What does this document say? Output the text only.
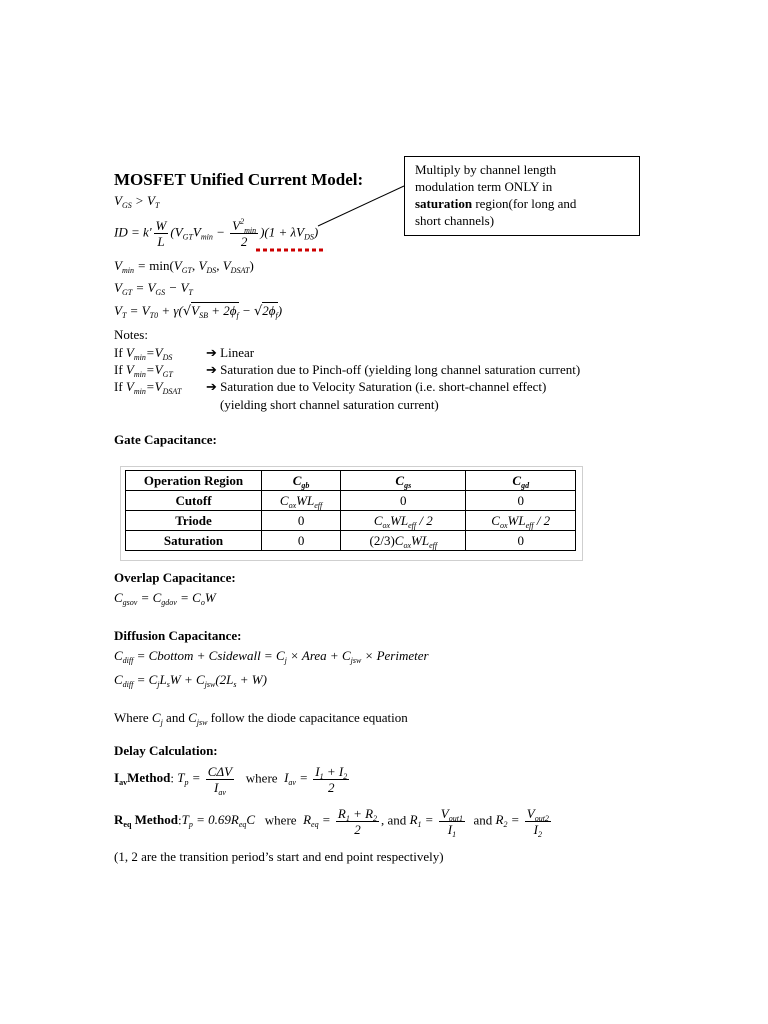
Multiply by channel length
modulation term ONLY in
saturation region(for long and
short channels)
MOSFET Unified Current Model:
$V_{GS} > V_T$
ID = $k' \frac{W}{L} (V_{GT}V_{min} - \frac{V^2_{min}}{2} )(1 + \lambda V_{DS})$
$V_{min} = \min(V_{GT}$, $V_{DS}$, $V_{DSAT}$)
$V_{GT} = V_{GS} - V_T$
$V_T = V_{T0} + \gamma(√V_{SB} + 2\phi_f - √2\phi_f)$
Notes:
If $V_{min}=V_{DS}$	➔ Linear
If $V_{min}=V_{GT}$	➔ Saturation due to Pinch-off (yielding long channel saturation current)
If $V_{min}=V_{DSAT}$ ➔ Saturation due to Velocity Saturation (i.e. short-channel effect)
(yielding short channel saturation current)
Gate Capacitance:
Operation Region	$C_{gb}$	$C_{gs}$	$C_{gd}$
Cutoff	$C_{ox}WL_{eff}$	0	0
Triode	0	$C_{ox}WL_{eff} / 2$	$C_{ox}WL_{eff} / 2$
Saturation	0	$(2/3)C_{ox}WL_{eff}$	0
Overlap Capacitance:
$C_{gsov} = C_{gdov} = C_oW$
Diffusion Capacitance:
$C_{diff}$ = Cbottom + Csidewall = $C_j$ × Area + $C_{jsw}$ × Perimeter
$C_{diff} = C_jL_sW + C_{jsw}(2L_s + W)$
Where $C_j$ and $C_{jsw}$ follow the diode capacitance equation
Delay Calculation:
$I_{av}Method$: $T_p = \frac{\text{CΔV}}{I_{av}}$ where $I_{av} = \frac{I_1 + I_2}{2}$
$R_{eq}$ $Method:T_p = 0.69R_{eq}C$ where $R_{eq} = \frac{R_1 + R_2}{2}$ , and $R_1 = \frac{V_{out1}}{I_1}$ and $R_2 = \frac{V_{out2}}{I_2}$
(1, 2 are the transition period’s start and end point respectively)
